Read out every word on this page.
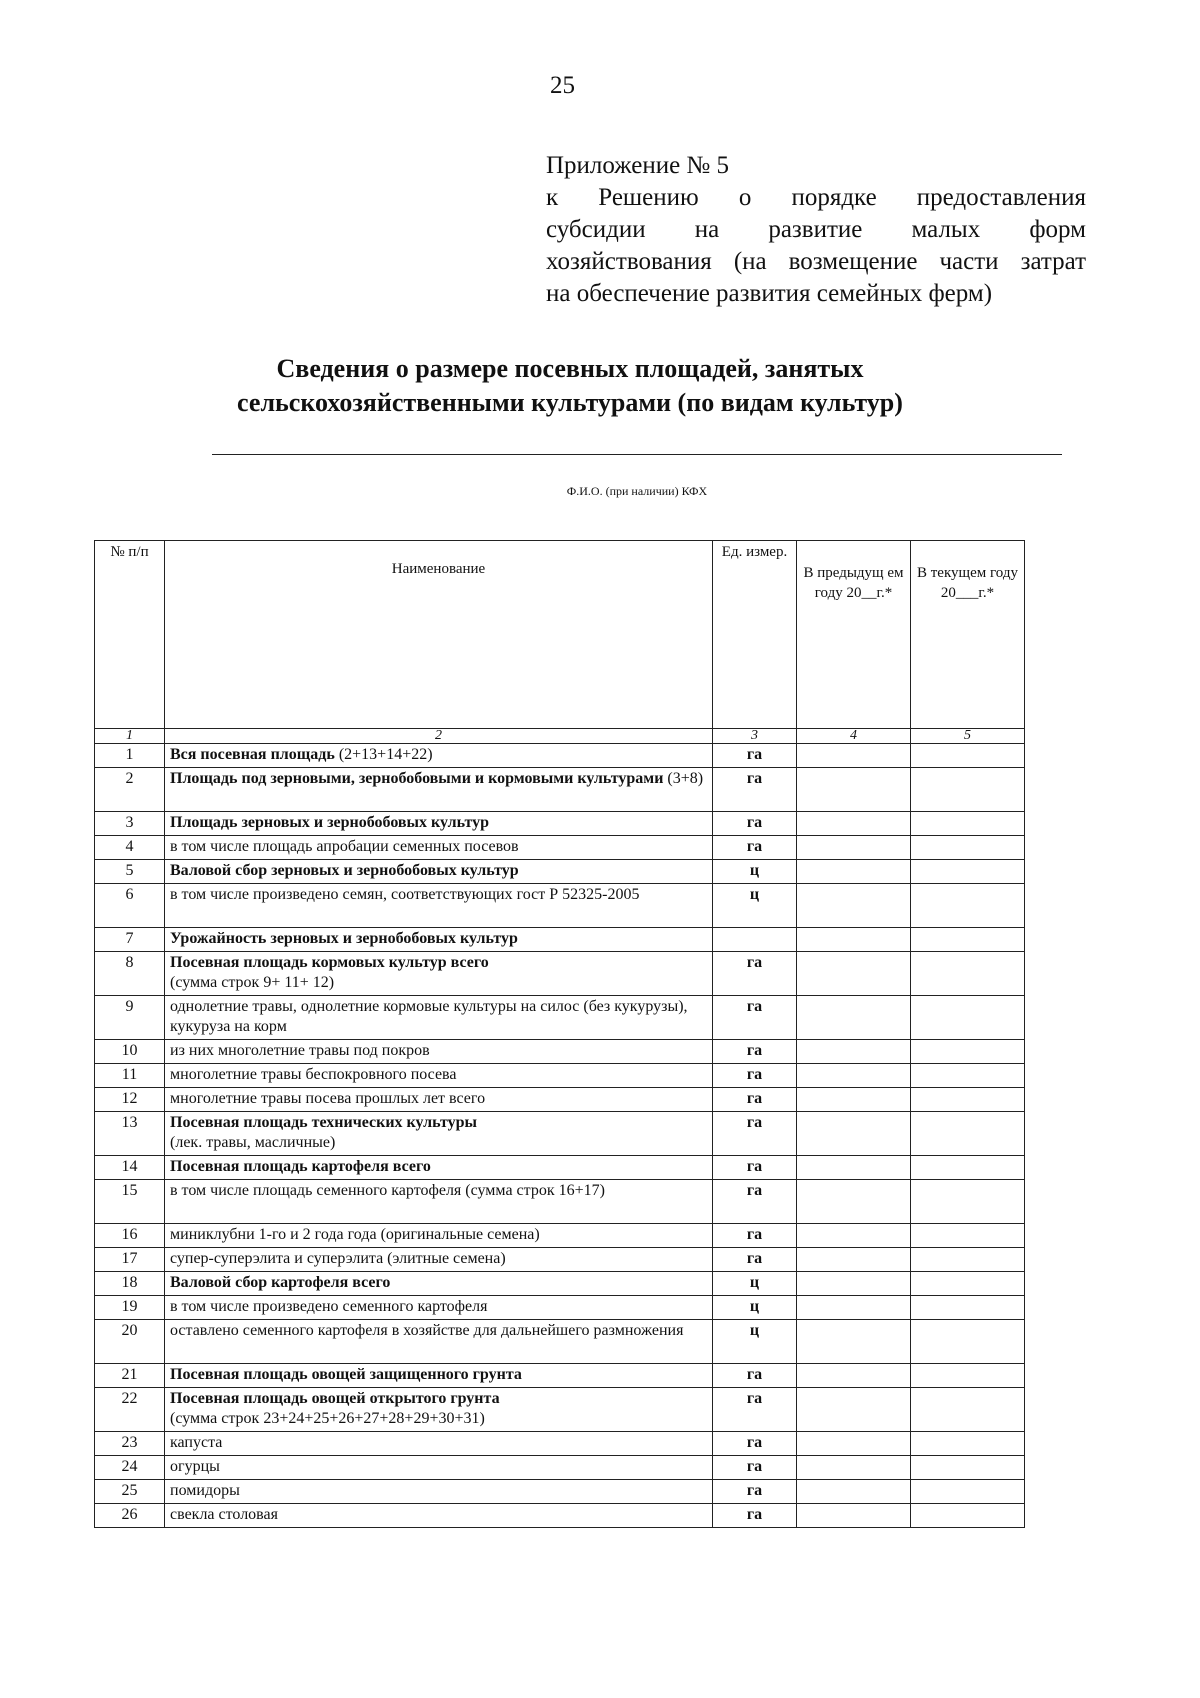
25
Приложение № 5
к Решению о порядке предоставления
субсидии на развитие малых форм
хозяйствования (на возмещение части затрат
на обеспечение развития семейных ферм)
Сведения о размере посевных площадей, занятых
сельскохозяйственными культурами (по видам культур)
Ф.И.О. (при наличии) КФХ
№ п/п	Наименование	Ед. измер.	В предыдущ ем году 20__г.*	В текущем году 20___г.*
1	2	3	4	5
1	Вся посевная площадь (2+13+14+22)	га		
2	Площадь под зерновыми, зернобобовыми и кормовыми культурами (3+8)	га		
3	Площадь зерновых и зернобобовых культур	га		
4	в том числе площадь апробации семенных посевов	га		
5	Валовой сбор зерновых и зернобобовых культур	ц		
6	в том числе произведено семян, соответствующих гост Р 52325-2005	ц		
7	Урожайность зерновых и зернобобовых культур			
8	Посевная площадь кормовых культур всего
(сумма строк 9+ 11+ 12)	га		
9	однолетние травы, однолетние кормовые культуры на силос (без кукурузы), кукуруза на корм	га		
10	из них многолетние травы под покров	га		
11	многолетние травы беспокровного посева	га		
12	многолетние травы посева прошлых лет всего	га		
13	Посевная площадь технических культуры
(лек. травы, масличные)	га		
14	Посевная площадь картофеля всего	га		
15	в том числе площадь семенного картофеля (сумма строк 16+17)	га		
16	миниклубни 1-го и 2 года года (оригинальные семена)	га		
17	супер-суперэлита и суперэлита (элитные семена)	га		
18	Валовой сбор картофеля всего	ц		
19	в том числе произведено семенного картофеля	ц		
20	оставлено семенного картофеля в хозяйстве для дальнейшего размножения	ц		
21	Посевная площадь овощей защищенного грунта	га		
22	Посевная площадь овощей открытого грунта
(сумма строк 23+24+25+26+27+28+29+30+31)	га		
23	капуста	га		
24	огурцы	га		
25	помидоры	га		
26	свекла столовая	га		
